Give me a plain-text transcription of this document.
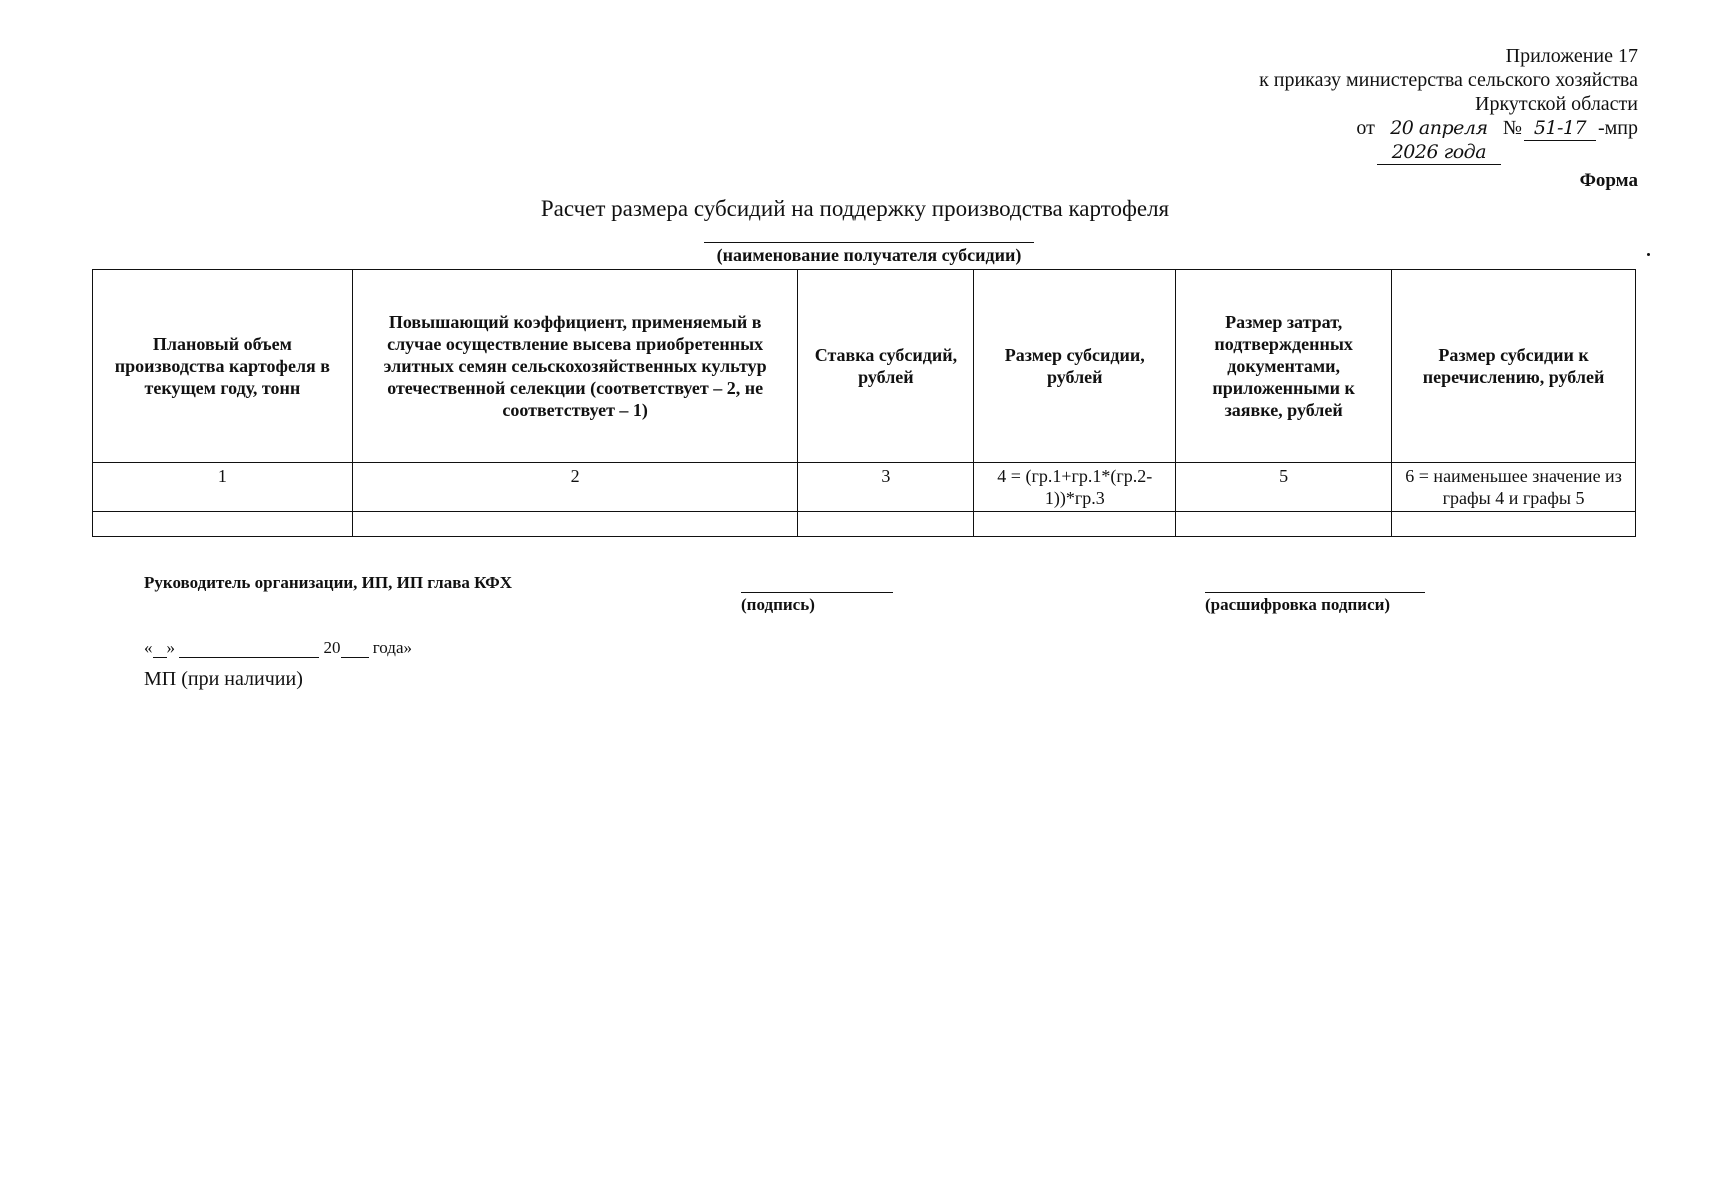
Приложение 17
к приказу министерства сельского хозяйства
Иркутской области
от 20 апреля 2026 года
№ 51-17 -мпр
Форма
Расчет размера субсидий на поддержку производства картофеля
(наименование получателя субсидии)
Плановый объем производства картофеля в текущем году, тонн	Повышающий коэффициент, применяемый в случае осуществление высева приобретенных элитных семян сельскохозяйственных культур отечественной селекции (соответствует – 2, не соответствует – 1)	Ставка субсидий, рублей	Размер субсидии, рублей	Размер затрат, подтвержденных документами, приложенными к заявке, рублей	Размер субсидии к перечислению, рублей
1	2	3	4 = (гр.1+гр.1*(гр.2-1))*гр.3	5	6 = наименьшее значение из графы 4 и графы 5

Руководитель организации, ИП, ИП глава КФХ
(подпись)	(расшифровка подписи)
« »	20 года»
МП (при наличии)
